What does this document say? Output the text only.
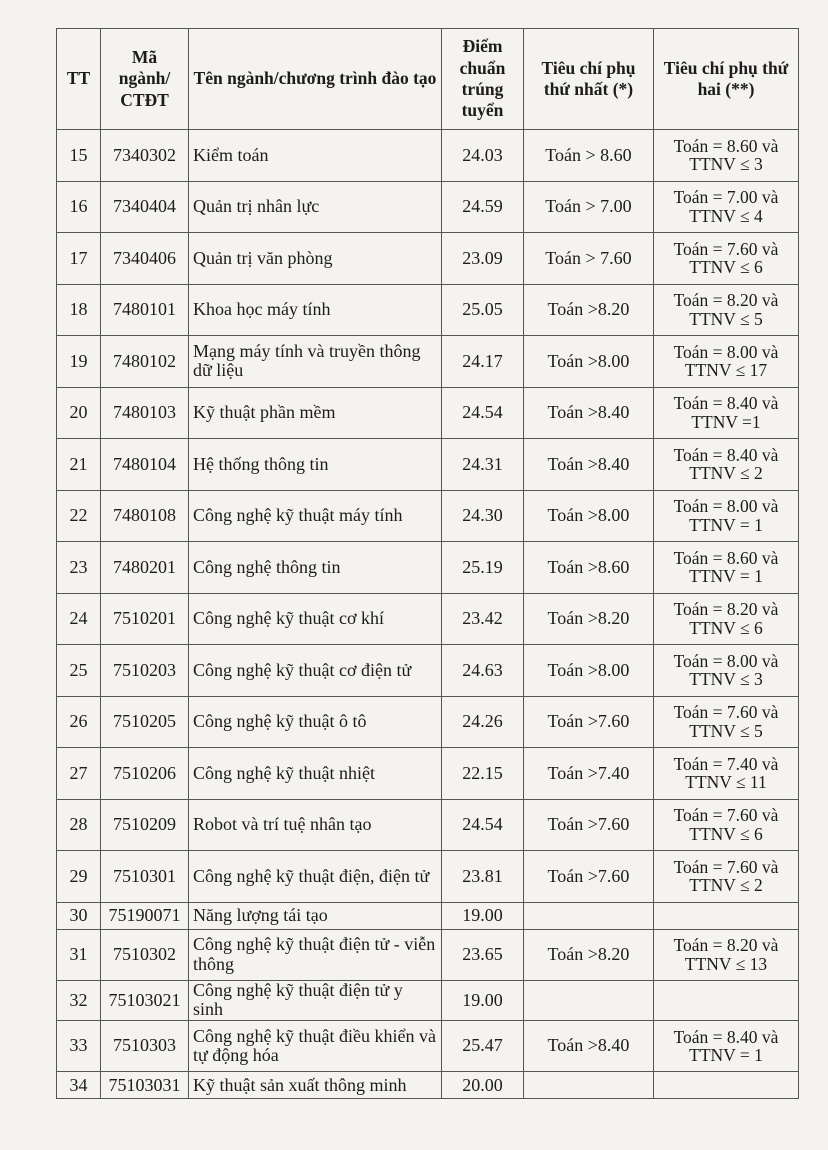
TT	Mã ngành/ CTĐT	Tên ngành/chương trình đào tạo	Điểm chuẩn trúng tuyển	Tiêu chí phụ thứ nhất (*)	Tiêu chí phụ thứ hai (**)
15	7340302	Kiểm toán	24.03	Toán > 8.60	Toán = 8.60 và TTNV ≤ 3
16	7340404	Quản trị nhân lực	24.59	Toán > 7.00	Toán = 7.00 và TTNV ≤ 4
17	7340406	Quản trị văn phòng	23.09	Toán > 7.60	Toán = 7.60 và TTNV ≤ 6
18	7480101	Khoa học máy tính	25.05	Toán >8.20	Toán = 8.20 và TTNV ≤ 5
19	7480102	Mạng máy tính và truyền thông dữ liệu	24.17	Toán >8.00	Toán = 8.00 và TTNV ≤ 17
20	7480103	Kỹ thuật phần mềm	24.54	Toán >8.40	Toán = 8.40 và TTNV =1
21	7480104	Hệ thống thông tin	24.31	Toán >8.40	Toán = 8.40 và TTNV ≤ 2
22	7480108	Công nghệ kỹ thuật máy tính	24.30	Toán >8.00	Toán = 8.00 và TTNV = 1
23	7480201	Công nghệ thông tin	25.19	Toán >8.60	Toán = 8.60 và TTNV = 1
24	7510201	Công nghệ kỹ thuật cơ khí	23.42	Toán >8.20	Toán = 8.20 và TTNV ≤ 6
25	7510203	Công nghệ kỹ thuật cơ điện tử	24.63	Toán >8.00	Toán = 8.00 và TTNV ≤ 3
26	7510205	Công nghệ kỹ thuật ô tô	24.26	Toán >7.60	Toán = 7.60 và TTNV ≤ 5
27	7510206	Công nghệ kỹ thuật nhiệt	22.15	Toán >7.40	Toán = 7.40 và TTNV ≤ 11
28	7510209	Robot và trí tuệ nhân tạo	24.54	Toán >7.60	Toán = 7.60 và TTNV ≤ 6
29	7510301	Công nghệ kỹ thuật điện, điện tử	23.81	Toán >7.60	Toán = 7.60 và TTNV ≤ 2
30	75190071	Năng lượng tái tạo	19.00		
31	7510302	Công nghệ kỹ thuật điện tử - viễn thông	23.65	Toán >8.20	Toán = 8.20 và TTNV ≤ 13
32	75103021	Công nghệ kỹ thuật điện tử y sinh	19.00		
33	7510303	Công nghệ kỹ thuật điều khiển và tự động hóa	25.47	Toán >8.40	Toán = 8.40 và TTNV = 1
34	75103031	Kỹ thuật sản xuất thông minh	20.00		
